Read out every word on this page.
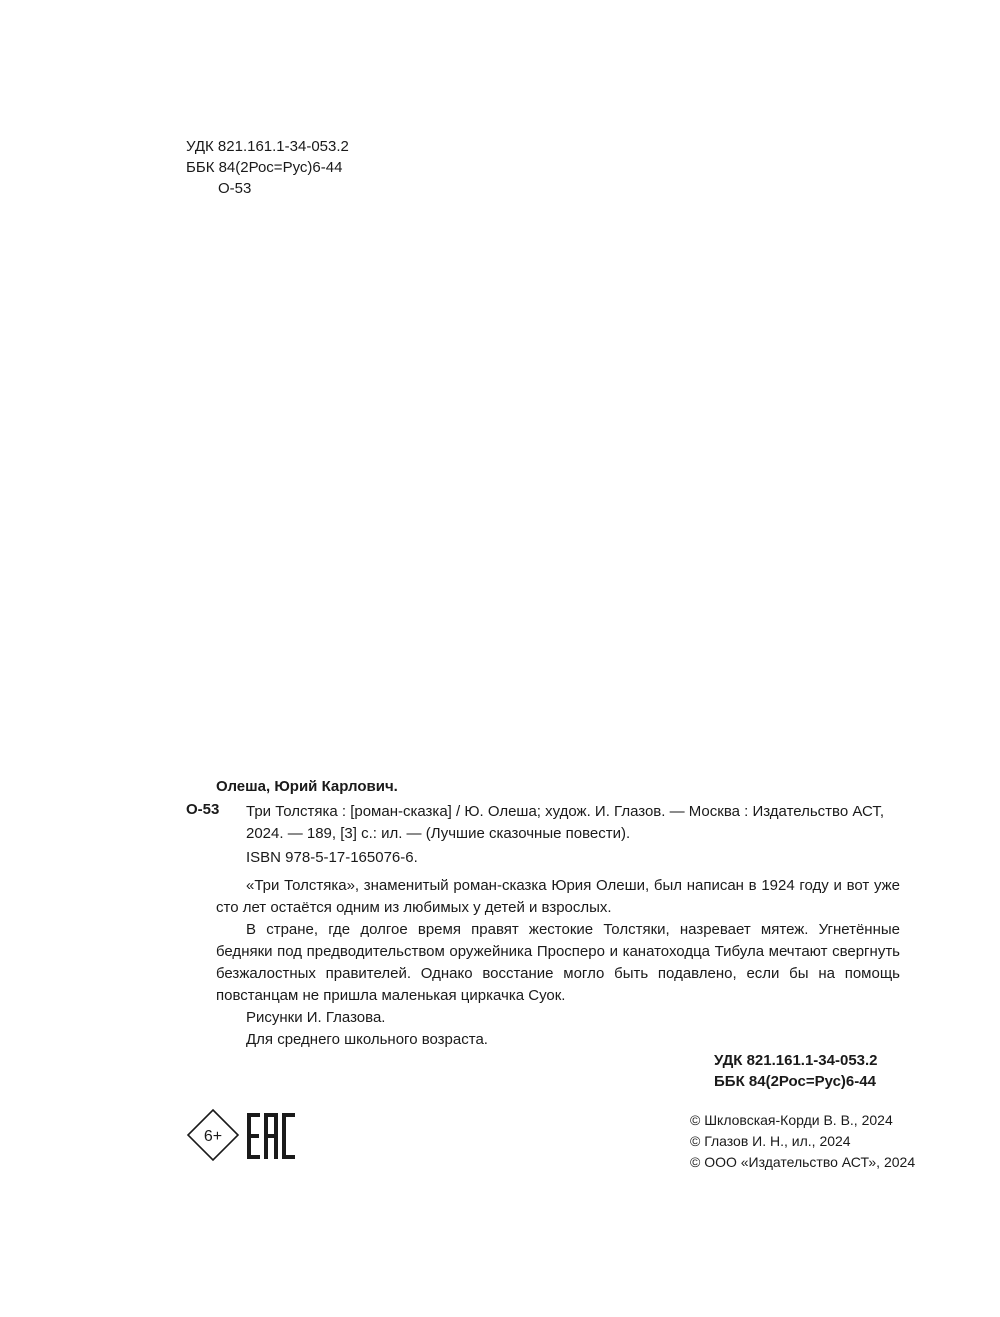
УДК 821.161.1-34-053.2
ББК 84(2Рос=Рус)6-44
О-53
Олеша, Юрий Карлович.
О-53 Три Толстяка : [роман-сказка] / Ю. Олеша; худож. И. Глазов. — Москва : Издательство АСТ,

2024. — 189, [3] с.: ил. — (Лучшие сказочные повести).

ISBN 978-5-17-165076-6.

«Три Толстяка», знаменитый роман-сказка Юрия Олеши, был написан в 1924 году и вот уже сто лет остаётся одним из любимых у детей и взрослых.

В стране, где долгое время правят жестокие Толстяки, назревает мятеж. Угнетённые бедняки под предводительством оружейника Просперо и канатоходца Тибула мечтают свергнуть безжалостных правителей. Однако восстание могло быть подавлено, если бы на помощь повстанцам не пришла маленькая циркачка Суок.

Рисунки И. Глазова.

Для среднего школьного возраста.

УДК 821.161.1-34-053.2
ББК 84(2Рос=Рус)6-44
© Шкловская-Корди В. В., 2024
© Глазов И. Н., ил., 2024
© ООО «Издательство АСТ», 2024
6+
